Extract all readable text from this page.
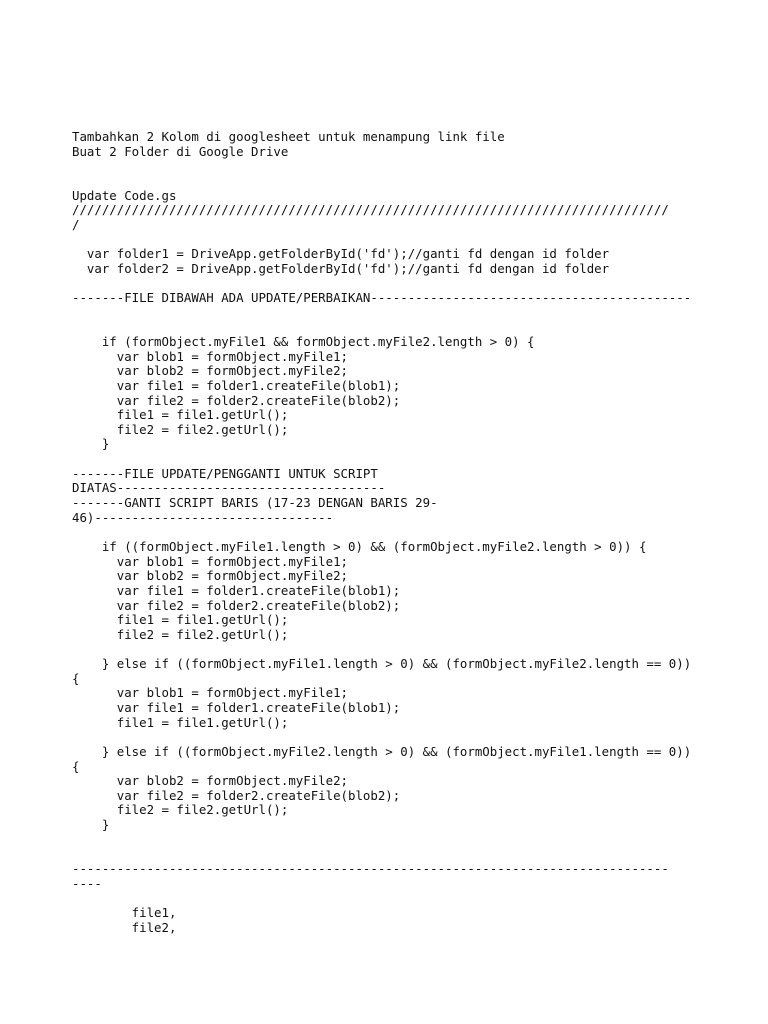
Tambahkan 2 Kolom di googlesheet untuk menampung link file
Buat 2 Folder di Google Drive
Update Code.gs
////////////////////////////////////////////////////////////////////////////////
/
var folder1 = DriveApp.getFolderById('fd');//ganti fd dengan id folder
var folder2 = DriveApp.getFolderById('fd');//ganti fd dengan id folder
-------FILE DIBAWAH ADA UPDATE/PERBAIKAN-------------------------------------------
if (formObject.myFile1 && formObject.myFile2.length > 0) {
var blob1 = formObject.myFile1;
var blob2 = formObject.myFile2;
var file1 = folder1.createFile(blob1);
var file2 = folder2.createFile(blob2);
file1 = file1.getUrl();
file2 = file2.getUrl();
}
-------FILE UPDATE/PENGGANTI UNTUK SCRIPT
DIATAS------------------------------------
-------GANTI SCRIPT BARIS (17-23 DENGAN BARIS 29-
46)--------------------------------
if ((formObject.myFile1.length > 0) && (formObject.myFile2.length > 0)) {
var blob1 = formObject.myFile1;
var blob2 = formObject.myFile2;
var file1 = folder1.createFile(blob1);
var file2 = folder2.createFile(blob2);
file1 = file1.getUrl();
file2 = file2.getUrl();
} else if ((formObject.myFile1.length > 0) && (formObject.myFile2.length == 0))
{
var blob1 = formObject.myFile1;
var file1 = folder1.createFile(blob1);
file1 = file1.getUrl();
} else if ((formObject.myFile2.length > 0) && (formObject.myFile1.length == 0))
{
var blob2 = formObject.myFile2;
var file2 = folder2.createFile(blob2);
file2 = file2.getUrl();
}
--------------------------------------------------------------------------------
----
file1,
file2,
